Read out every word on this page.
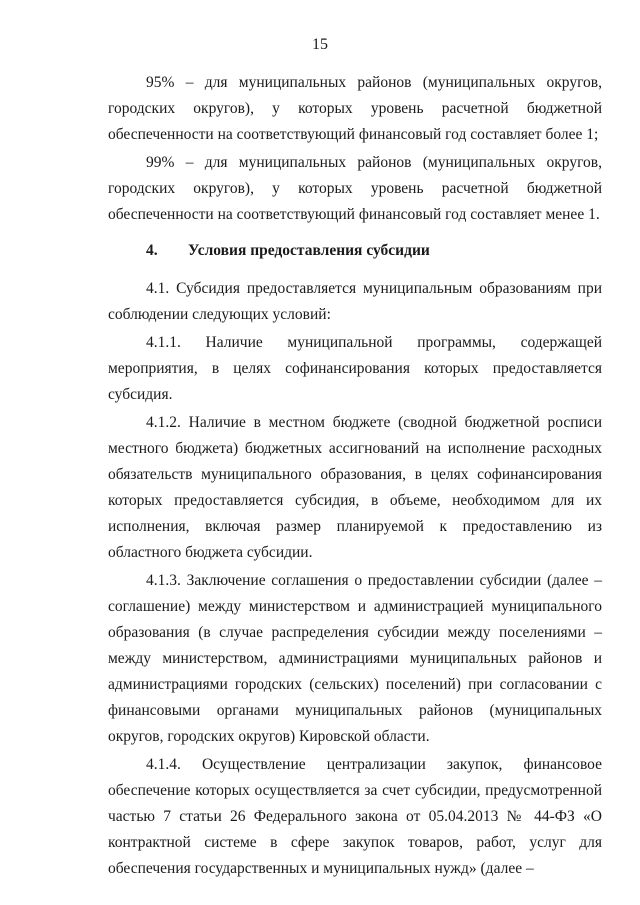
15

95% – для муниципальных районов (муниципальных округов, городских округов), у которых уровень расчетной бюджетной обеспеченности на соответствующий финансовый год составляет более 1;

99% – для муниципальных районов (муниципальных округов, городских округов), у которых уровень расчетной бюджетной обеспеченности на соответствующий финансовый год составляет менее 1.

4. Условия предоставления субсидии

4.1. Субсидия предоставляется муниципальным образованиям при соблюдении следующих условий:

4.1.1. Наличие муниципальной программы, содержащей мероприятия, в целях софинансирования которых предоставляется субсидия.

4.1.2. Наличие в местном бюджете (сводной бюджетной росписи местного бюджета) бюджетных ассигнований на исполнение расходных обязательств муниципального образования, в целях софинансирования которых предоставляется субсидия, в объеме, необходимом для их исполнения, включая размер планируемой к предоставлению из областного бюджета субсидии.

4.1.3. Заключение соглашения о предоставлении субсидии (далее – соглашение) между министерством и администрацией муниципального образования (в случае распределения субсидии между поселениями – между министерством, администрациями муниципальных районов и администрациями городских (сельских) поселений) при согласовании с финансовыми органами муниципальных районов (муниципальных округов, городских округов) Кировской области.

4.1.4. Осуществление централизации закупок, финансовое обеспечение которых осуществляется за счет субсидии, предусмотренной частью 7 статьи 26 Федерального закона от 05.04.2013 № 44-ФЗ «О контрактной системе в сфере закупок товаров, работ, услуг для обеспечения государственных и муниципальных нужд» (далее –
